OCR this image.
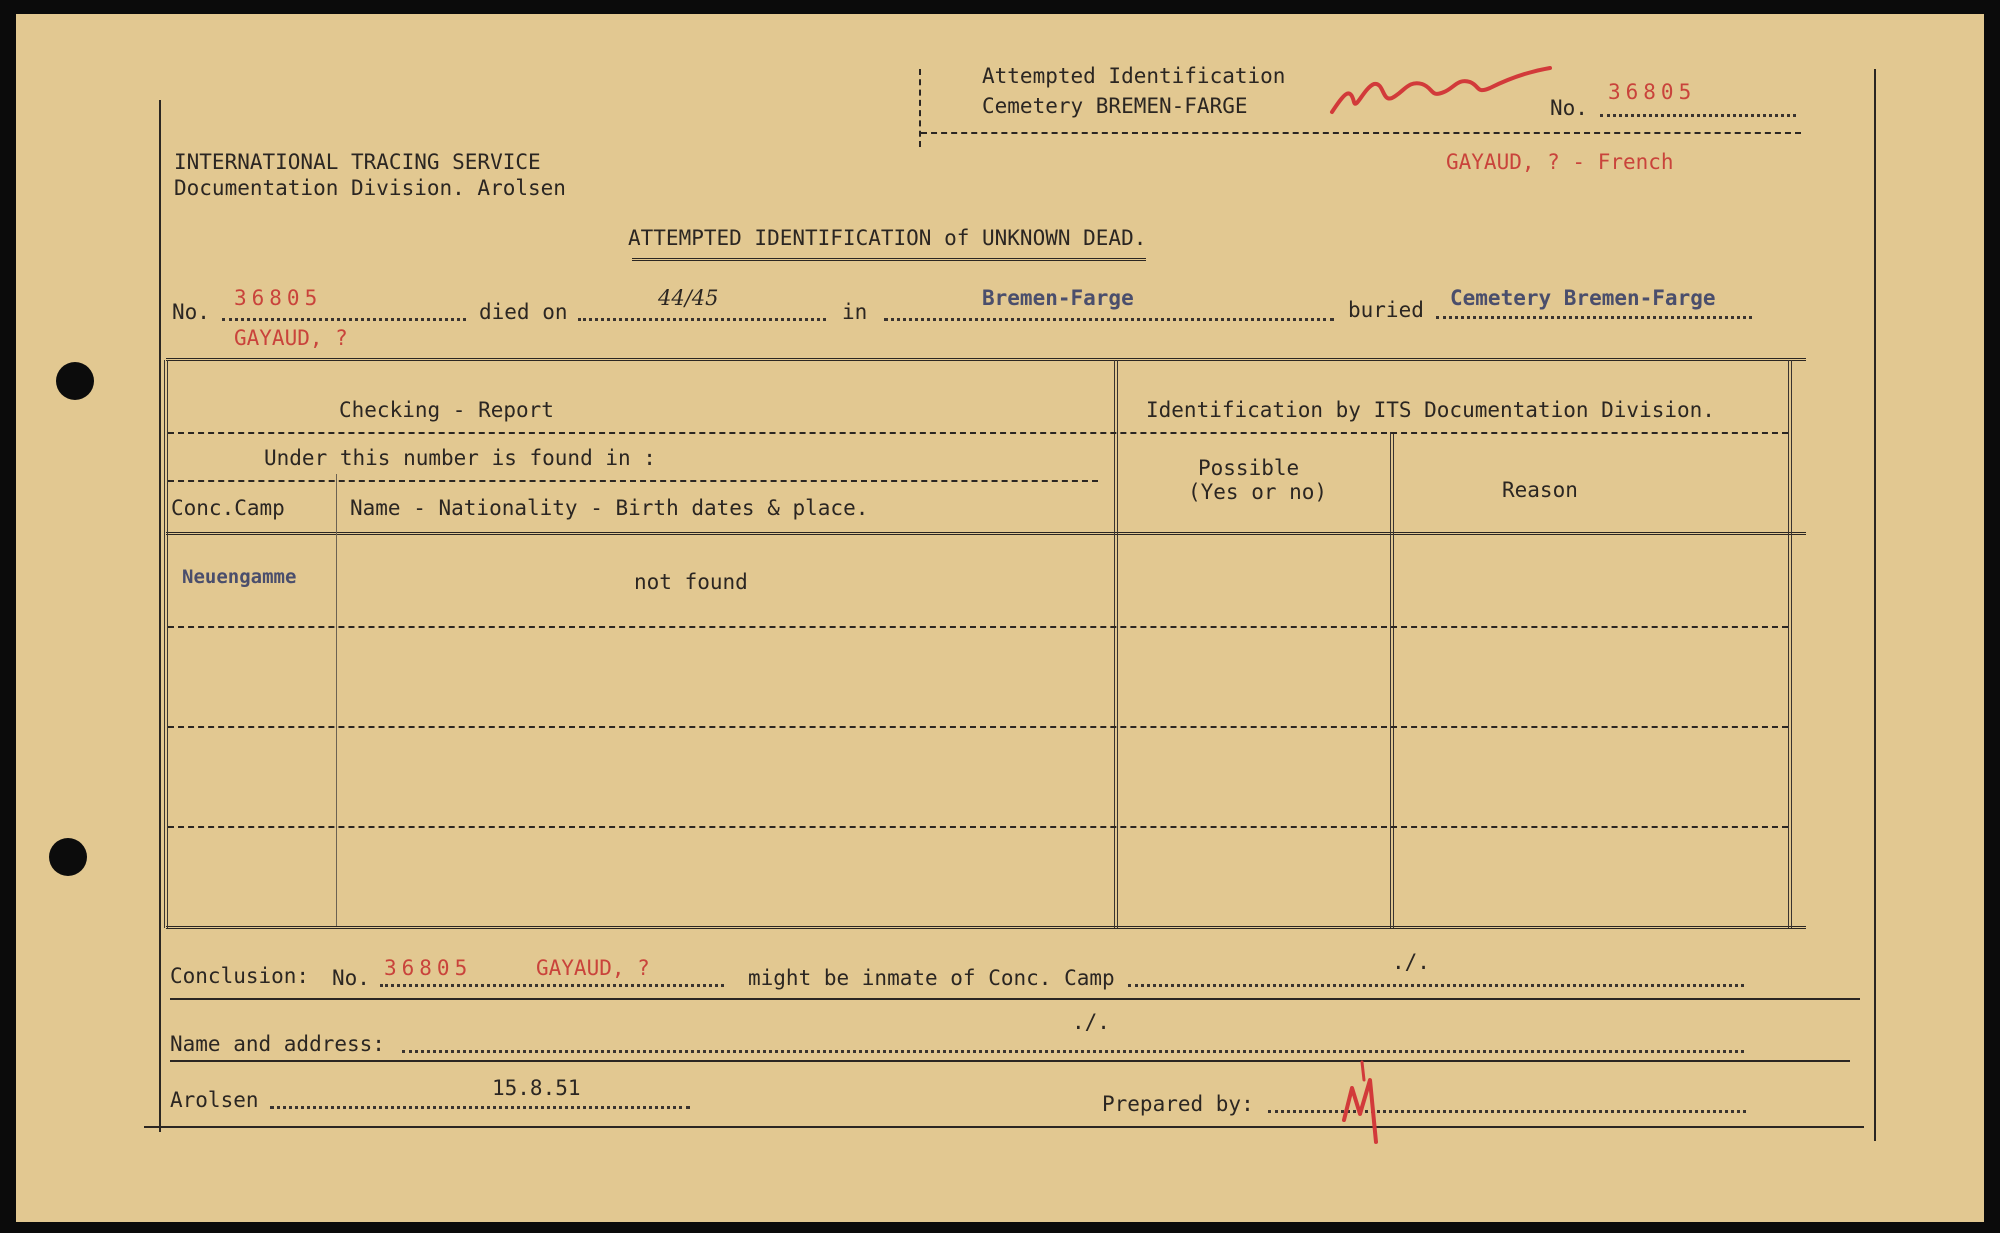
Attempted Identification
Cemetery BREMEN-FARGE	No.
36805
GAYAUD, ? - French
INTERNATIONAL TRACING SERVICE
Documentation Division. Arolsen
ATTEMPTED IDENTIFICATION of UNKNOWN DEAD.
No.
36805
died on
44/45
in
Bremen-Farge	buried Cemetery Bremen-Farge
GAYAUD, ?
Checking - Report	Identification by ITS Documentation Division.
Under this number is found in :
Conc.Camp	Name - Nationality - Birth dates & place.
Possible
(Yes or no)	Reason
Neuengamme	not found
Conclusion: No. 36805	GAYAUD, ?	might be inmate of Conc. Camp
./.
Name and address:
./.
Arolsen	15.8.51
Prepared by:
